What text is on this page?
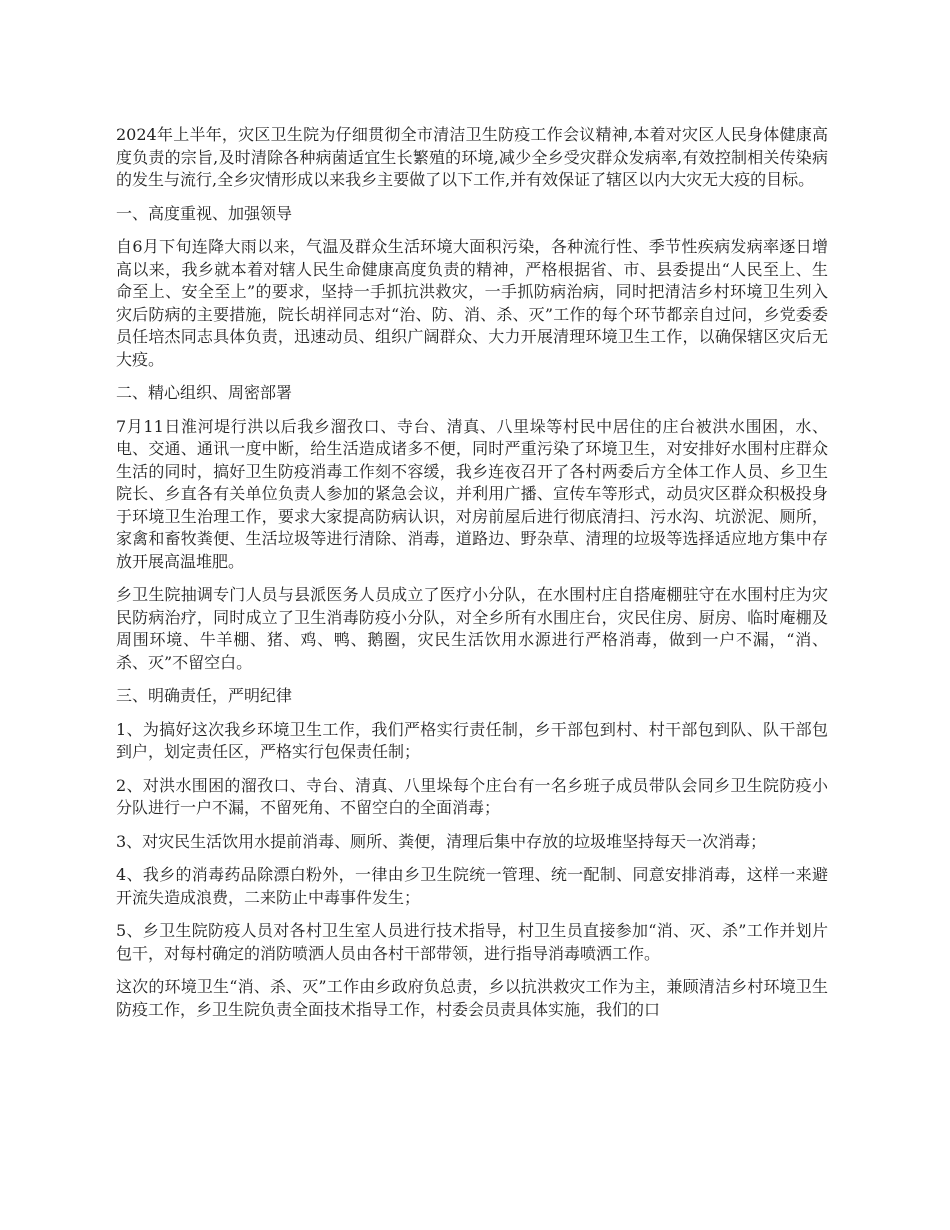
2024年上半年，灾区卫生院为仔细贯彻全市清洁卫生防疫工作会议精神,本着对灾区人民身体健康高度负责的宗旨,及时清除各种病菌适宜生长繁殖的环境,减少全乡受灾群众发病率,有效控制相关传染病的发生与流行,全乡灾情形成以来我乡主要做了以下工作,并有效保证了辖区以内大灾无大疫的目标。

一、高度重视、加强领导

自6月下旬连降大雨以来，气温及群众生活环境大面积污染，各种流行性、季节性疾病发病率逐日增高以来，我乡就本着对辖人民生命健康高度负责的精神，严格根据省、市、县委提出“人民至上、生命至上、安全至上”的要求，坚持一手抓抗洪救灾，一手抓防病治病，同时把清洁乡村环境卫生列入灾后防病的主要措施，院长胡祥同志对“治、防、消、杀、灭”工作的每个环节都亲自过问，乡党委委员任培杰同志具体负责，迅速动员、组织广阔群众、大力开展清理环境卫生工作，以确保辖区灾后无大疫。

二、精心组织、周密部署

7月11日淮河堤行洪以后我乡溜孜口、寺台、清真、八里垛等村民中居住的庄台被洪水围困，水、电、交通、通讯一度中断，给生活造成诸多不便，同时严重污染了环境卫生，对安排好水围村庄群众生活的同时，搞好卫生防疫消毒工作刻不容缓，我乡连夜召开了各村两委后方全体工作人员、乡卫生院长、乡直各有关单位负责人参加的紧急会议，并利用广播、宣传车等形式，动员灾区群众积极投身于环境卫生治理工作，要求大家提高防病认识，对房前屋后进行彻底清扫、污水沟、坑淤泥、厕所，家禽和畜牧粪便、生活垃圾等进行清除、消毒，道路边、野杂草、清理的垃圾等选择适应地方集中存放开展高温堆肥。

乡卫生院抽调专门人员与县派医务人员成立了医疗小分队，在水围村庄自搭庵棚驻守在水围村庄为灾民防病治疗，同时成立了卫生消毒防疫小分队，对全乡所有水围庄台，灾民住房、厨房、临时庵棚及周围环境、牛羊棚、猪、鸡、鸭、鹅圈，灾民生活饮用水源进行严格消毒，做到一户不漏，“消、杀、灭”不留空白。

三、明确责任，严明纪律

1、为搞好这次我乡环境卫生工作，我们严格实行责任制，乡干部包到村、村干部包到队、队干部包到户，划定责任区，严格实行包保责任制；

2、对洪水围困的溜孜口、寺台、清真、八里垛每个庄台有一名乡班子成员带队会同乡卫生院防疫小分队进行一户不漏，不留死角、不留空白的全面消毒；

3、对灾民生活饮用水提前消毒、厕所、粪便，清理后集中存放的垃圾堆坚持每天一次消毒；

4、我乡的消毒药品除漂白粉外，一律由乡卫生院统一管理、统一配制、同意安排消毒，这样一来避开流失造成浪费，二来防止中毒事件发生；

5、乡卫生院防疫人员对各村卫生室人员进行技术指导，村卫生员直接参加“消、灭、杀”工作并划片包干，对每村确定的消防喷洒人员由各村干部带领，进行指导消毒喷洒工作。

这次的环境卫生“消、杀、灭”工作由乡政府负总责，乡以抗洪救灾工作为主，兼顾清洁乡村环境卫生防疫工作，乡卫生院负责全面技术指导工作，村委会员责具体实施，我们的口
